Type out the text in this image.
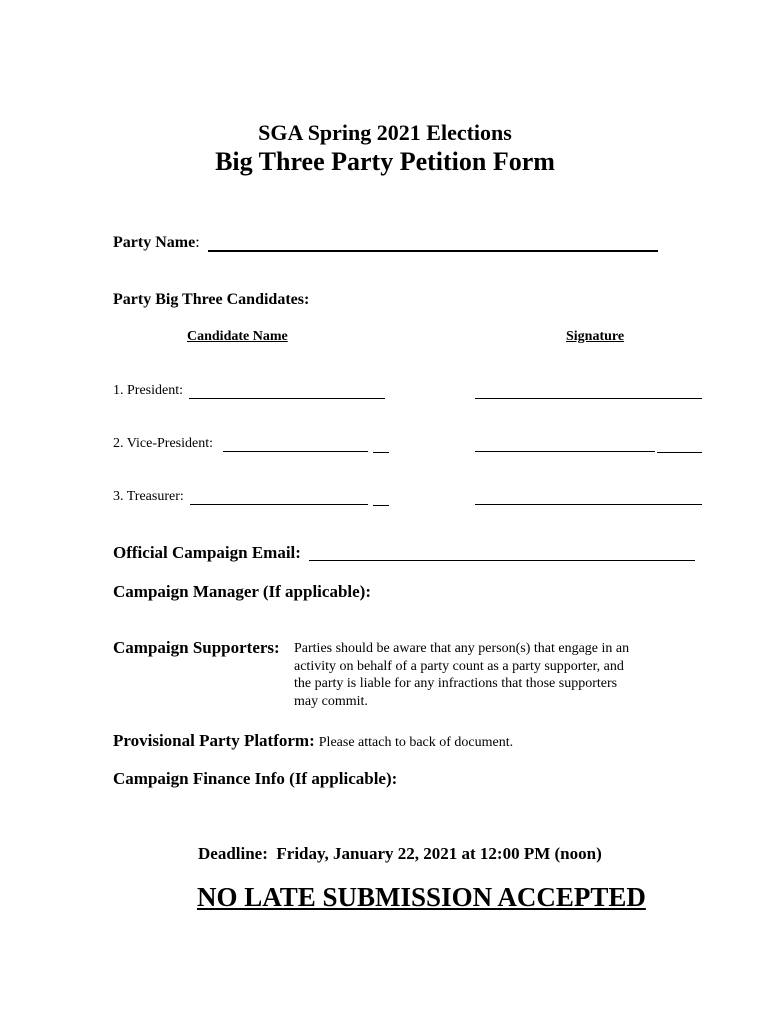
SGA Spring 2021 Elections
Big Three Party Petition Form
Party Name:
Party Big Three Candidates:
Candidate Name	Signature
1. President:
2. Vice-President:
3. Treasurer:
Official Campaign Email:
Campaign Manager (If applicable):
Campaign Supporters: Parties should be aware that any person(s) that engage in an
activity on behalf of a party count as a party supporter, and
the party is liable for any infractions that those supporters
may commit.
Provisional Party Platform: Please attach to back of document.
Campaign Finance Info (If applicable):
Deadline:  Friday, January 22, 2021 at 12:00 PM (noon)
NO LATE SUBMISSION ACCEPTED
